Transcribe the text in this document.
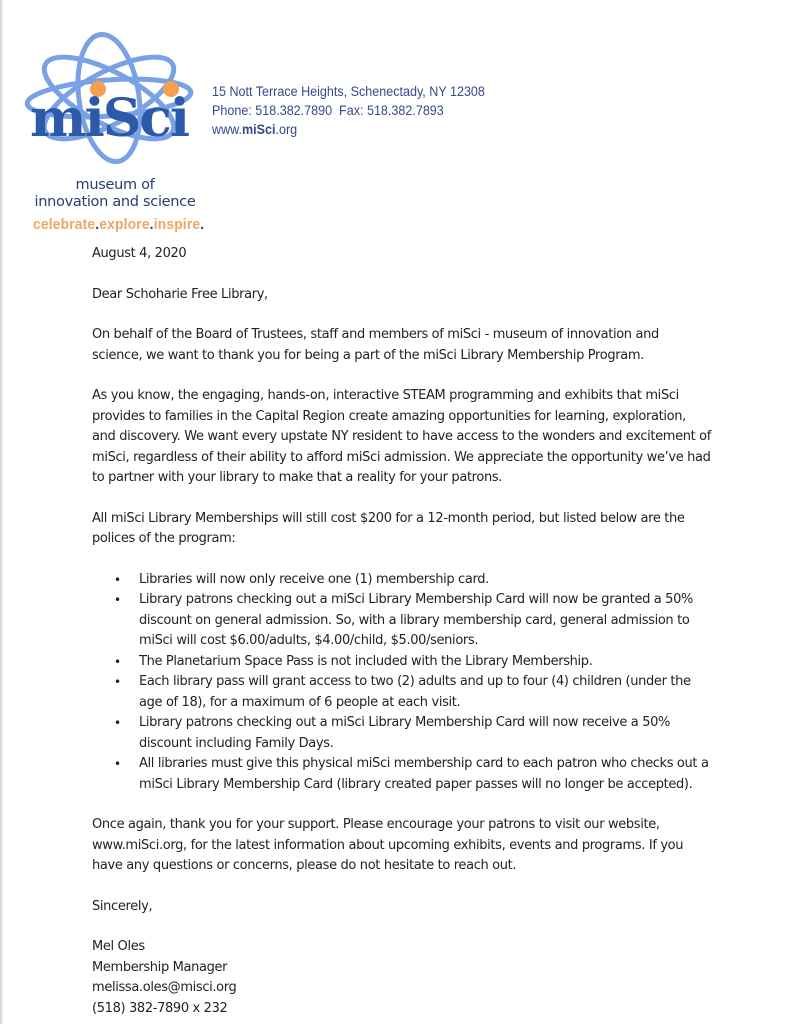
miSci
museum of
innovation and science
celebrate.explore.inspire.
15 Nott Terrace Heights, Schenectady, NY 12308
Phone: 518.382.7890  Fax: 518.382.7893
www.miSci.org

August 4, 2020

Dear Schoharie Free Library,

On behalf of the Board of Trustees, staff and members of miSci - museum of innovation and science, we want to thank you for being a part of the miSci Library Membership Program.

As you know, the engaging, hands-on, interactive STEAM programming and exhibits that miSci provides to families in the Capital Region create amazing opportunities for learning, exploration, and discovery. We want every upstate NY resident to have access to the wonders and excitement of miSci, regardless of their ability to afford miSci admission. We appreciate the opportunity we’ve had to partner with your library to make that a reality for your patrons.

All miSci Library Memberships will still cost $200 for a 12-month period, but listed below are the polices of the program:

• Libraries will now only receive one (1) membership card.
• Library patrons checking out a miSci Library Membership Card will now be granted a 50% discount on general admission. So, with a library membership card, general admission to miSci will cost $6.00/adults, $4.00/child, $5.00/seniors.
• The Planetarium Space Pass is not included with the Library Membership.
• Each library pass will grant access to two (2) adults and up to four (4) children (under the age of 18), for a maximum of 6 people at each visit.
• Library patrons checking out a miSci Library Membership Card will now receive a 50% discount including Family Days.
• All libraries must give this physical miSci membership card to each patron who checks out a miSci Library Membership Card (library created paper passes will no longer be accepted).

Once again, thank you for your support. Please encourage your patrons to visit our website, www.miSci.org, for the latest information about upcoming exhibits, events and programs. If you have any questions or concerns, please do not hesitate to reach out.

Sincerely,

Mel Oles

Membership Manager

melissa.oles@misci.org

(518) 382-7890 x 232
